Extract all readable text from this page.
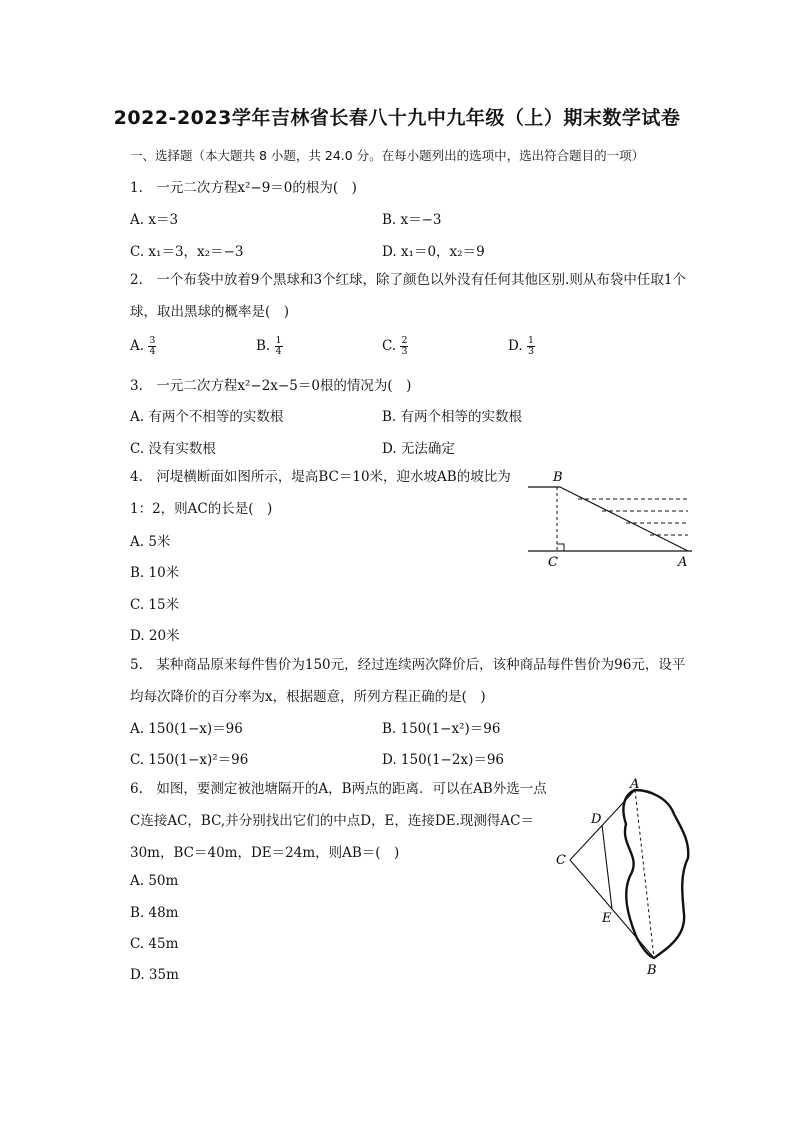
2022-2023学年吉林省长春八十九中九年级（上）期末数学试卷
一、选择题（本大题共 8 小题，共 24.0 分。在每小题列出的选项中，选出符合题目的一项）
1.　一元二次方程x²−9＝0的根为(　)
A. x＝3	B. x＝−3
C. x₁＝3，x₂＝−3	D. x₁＝0，x₂＝9
2.　一个布袋中放着9个黑球和3个红球，除了颜色以外没有任何其他区别.则从布袋中任取1个球，取出黑球的概率是(　)
A. $\frac{3}{4}$	B. $\frac{1}{4}$	C. $\frac{2}{3}$	D. $\frac{1}{3}$
3.　一元二次方程x²−2x−5＝0根的情况为(　)
A. 有两个不相等的实数根	B. 有两个相等的实数根
C. 没有实数根	D. 无法确定
4.　河堤横断面如图所示，堤高BC＝10米，迎水坡AB的坡比为1：2，则AC的长是(　)
A. 5米
B. 10米
C. 15米
D. 20米
B
C	A
5.　某种商品原来每件售价为150元，经过连续两次降价后，该种商品每件售价为96元，设平均每次降价的百分率为x，根据题意，所列方程正确的是(　)
A. 150(1−x)＝96	B. 150(1−x²)＝96
C. 150(1−x)²＝96	D. 150(1−2x)＝96
6.　如图，要测定被池塘隔开的A，B两点的距离．可以在AB外选一点C连接AC，BC,并分别找出它们的中点D，E，连接DE.现测得AC＝30m，BC＝40m，DE＝24m，则AB＝(　)
A. 50m
B. 48m
C. 45m
D. 35m
A
D
C
E
B
